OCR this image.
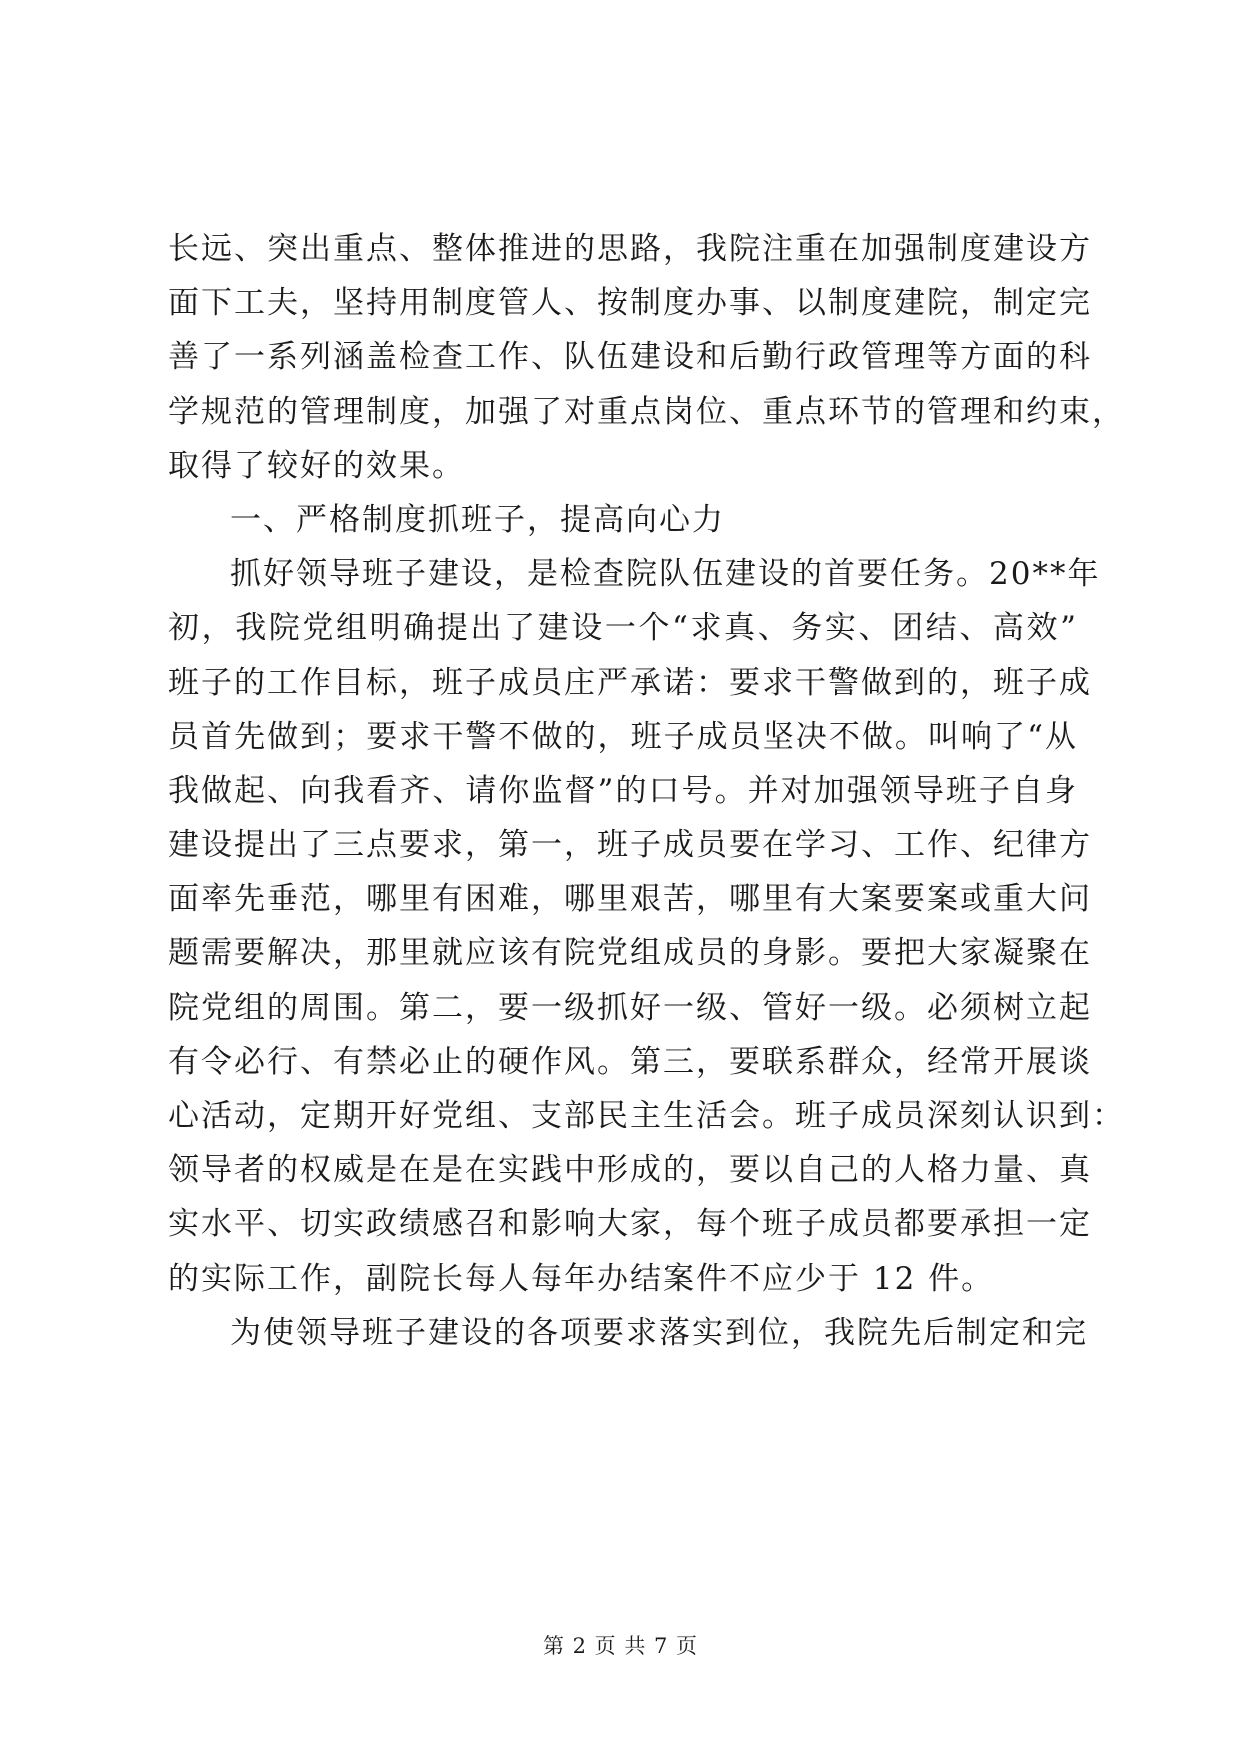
长远、突出重点、整体推进的思路，我院注重在加强制度建设方
面下工夫，坚持用制度管人、按制度办事、以制度建院，制定完
善了一系列涵盖检查工作、队伍建设和后勤行政管理等方面的科
学规范的管理制度，加强了对重点岗位、重点环节的管理和约束，
取得了较好的效果。
一、严格制度抓班子，提高向心力
抓好领导班子建设，是检查院队伍建设的首要任务。20**年
初，我院党组明确提出了建设一个“求真、务实、团结、高效”
班子的工作目标，班子成员庄严承诺：要求干警做到的，班子成
员首先做到；要求干警不做的，班子成员坚决不做。叫响了“从
我做起、向我看齐、请你监督”的口号。并对加强领导班子自身
建设提出了三点要求，第一，班子成员要在学习、工作、纪律方
面率先垂范，哪里有困难，哪里艰苦，哪里有大案要案或重大问
题需要解决，那里就应该有院党组成员的身影。要把大家凝聚在
院党组的周围。第二，要一级抓好一级、管好一级。必须树立起
有令必行、有禁必止的硬作风。第三，要联系群众，经常开展谈
心活动，定期开好党组、支部民主生活会。班子成员深刻认识到：
领导者的权威是在是在实践中形成的，要以自己的人格力量、真
实水平、切实政绩感召和影响大家，每个班子成员都要承担一定
的实际工作，副院长每人每年办结案件不应少于 12 件。
为使领导班子建设的各项要求落实到位，我院先后制定和完
第 2 页 共 7 页
